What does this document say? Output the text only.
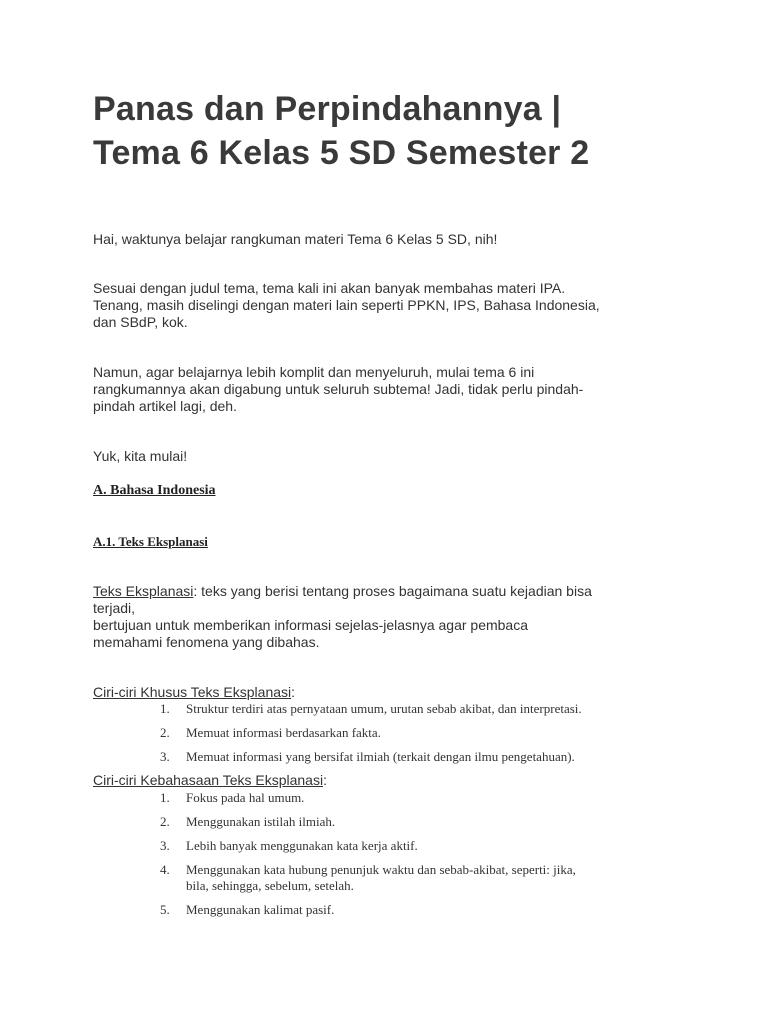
Panas dan Perpindahannya |
Tema 6 Kelas 5 SD Semester 2

Hai, waktunya belajar rangkuman materi Tema 6 Kelas 5 SD, nih!

Sesuai dengan judul tema, tema kali ini akan banyak membahas materi IPA.
Tenang, masih diselingi dengan materi lain seperti PPKN, IPS, Bahasa Indonesia,
dan SBdP, kok.

Namun, agar belajarnya lebih komplit dan menyeluruh, mulai tema 6 ini
rangkumannya akan digabung untuk seluruh subtema! Jadi, tidak perlu pindah-
pindah artikel lagi, deh.

Yuk, kita mulai!

A. Bahasa Indonesia
A.1. Teks Eksplanasi

Teks Eksplanasi: teks yang berisi tentang proses bagaimana suatu kejadian bisa
terjadi,
bertujuan untuk memberikan informasi sejelas-jelasnya agar pembaca
memahami fenomena yang dibahas.

Ciri-ciri Khusus Teks Eksplanasi:

1.	Struktur terdiri atas pernyataan umum, urutan sebab akibat, dan interpretasi.
2.	Memuat informasi berdasarkan fakta.
3.	Memuat informasi yang bersifat ilmiah (terkait dengan ilmu pengetahuan).

Ciri-ciri Kebahasaan Teks Eksplanasi:

1.	Fokus pada hal umum.
2.	Menggunakan istilah ilmiah.
3.	Lebih banyak menggunakan kata kerja aktif.
4.	Menggunakan kata hubung penunjuk waktu dan sebab-akibat, seperti: jika,
bila, sehingga, sebelum, setelah.
5.	Menggunakan kalimat pasif.
